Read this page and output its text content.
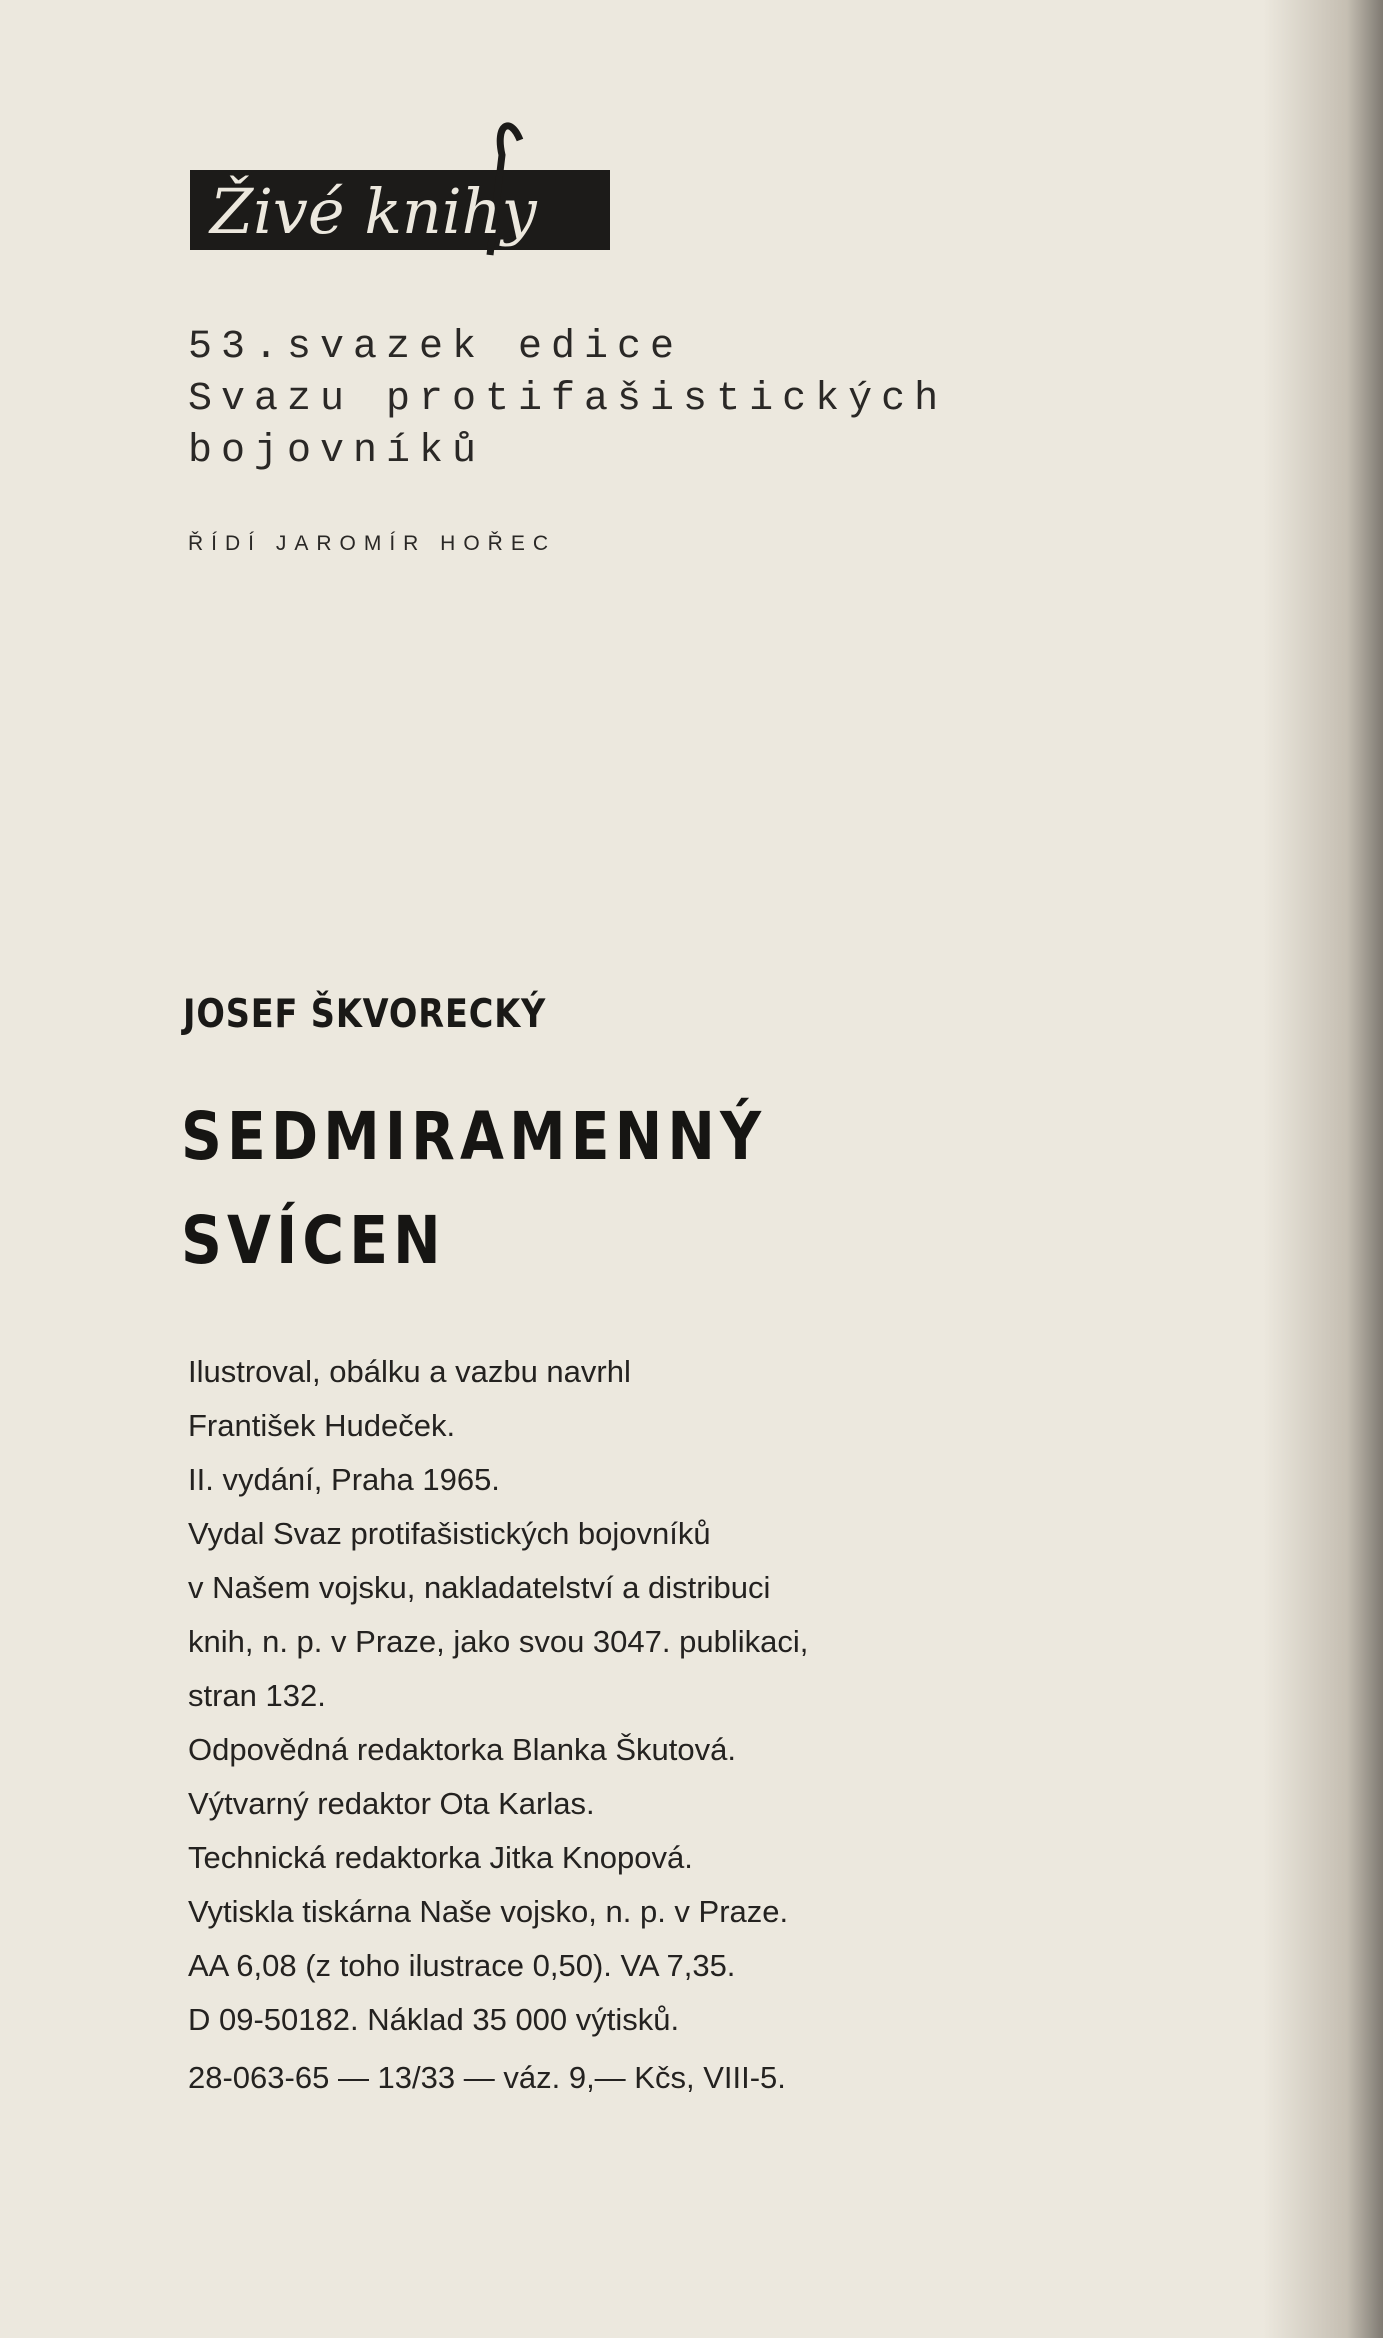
Živé knihy
53.svazek edice
Svazu protifašistických
bojovníků
ŘÍDÍ JAROMÍR HOŘEC
JOSEF ŠKVORECKÝ
SEDMIRAMENNÝ
SVÍCEN
Ilustroval, obálku a vazbu navrhl
František Hudeček.
II. vydání, Praha 1965.
Vydal Svaz protifašistických bojovníků
v Našem vojsku, nakladatelství a distribuci
knih, n. p. v Praze, jako svou 3047. publikaci,
stran 132.
Odpovědná redaktorka Blanka Škutová.
Výtvarný redaktor Ota Karlas.
Technická redaktorka Jitka Knopová.
Vytiskla tiskárna Naše vojsko, n. p. v Praze.
AA 6,08 (z toho ilustrace 0,50). VA 7,35.
D 09-50182. Náklad 35 000 výtisků.
28-063-65 — 13/33 — váz. 9,— Kčs, VIII-5.
